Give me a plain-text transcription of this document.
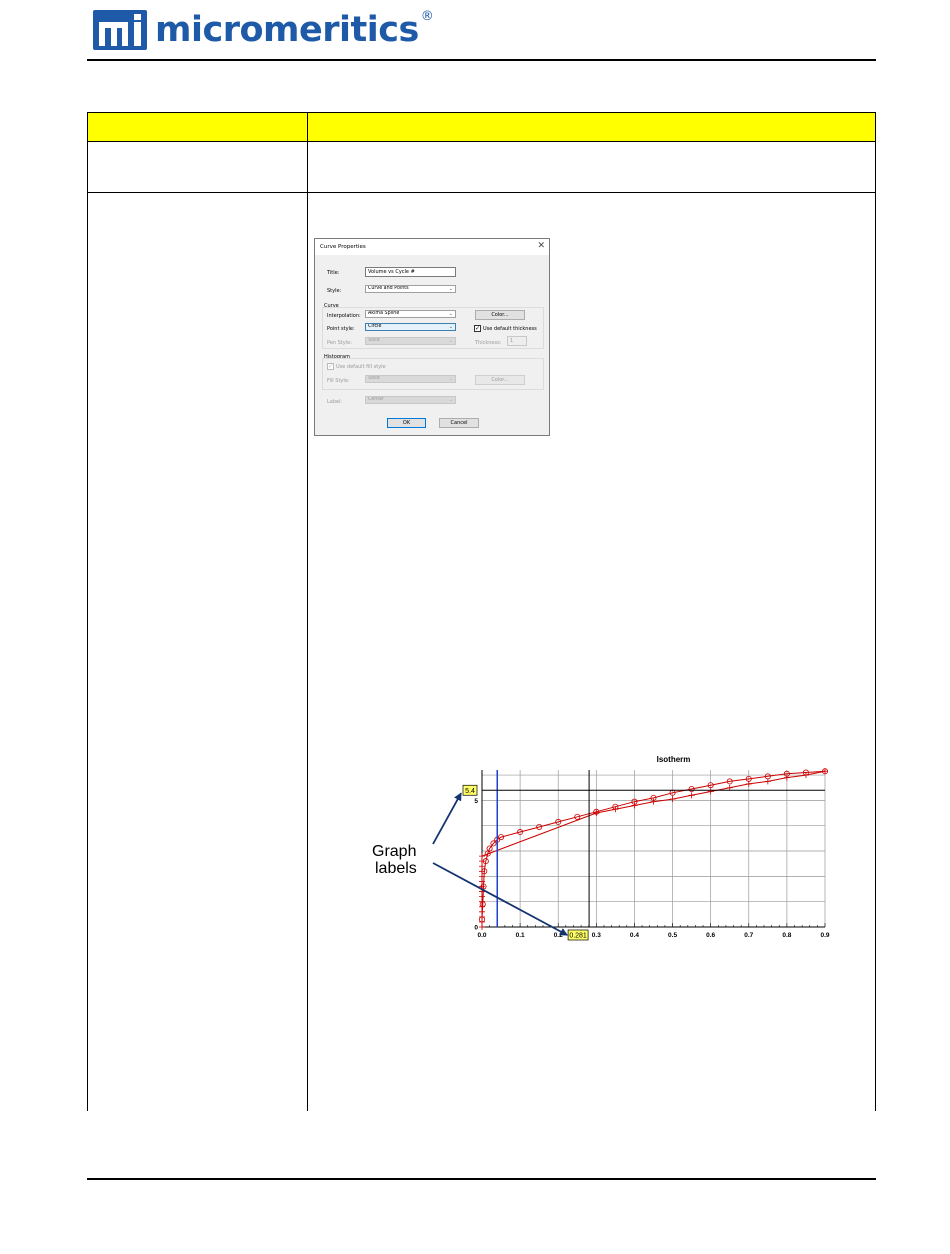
micromeritics ®
Curve Properties	✕
Title:	Volume vs Cycle #
Style:	Curve and Points	⌄
Curve
Interpolation:	Akima Spline	⌄	Color...
Point style:	Circle	⌄	✓ Use default thickness
Pen Style:	Solid	⌄	Thickness:	1
Histogram
✓ Use default fill style
Fill Style:	Solid	⌄	Color...
Label:	Center	⌄
OK	Cancel
Isotherm
0.0	0.1	0.2	0.3	0.4	0.5	0.6	0.7	0.8	0.9
0
5
5.4
0.281
Graph
labels
